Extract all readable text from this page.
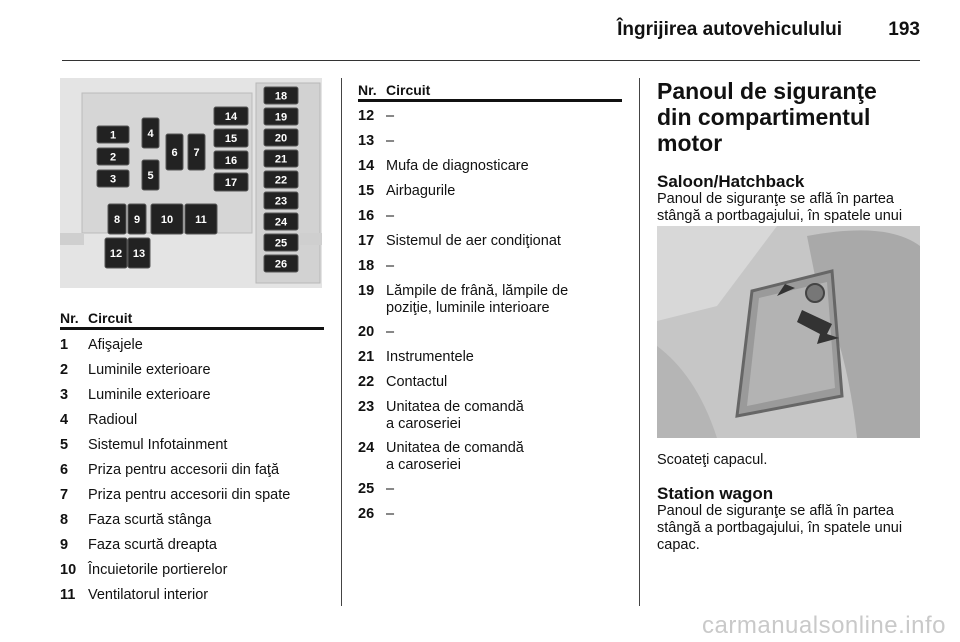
Îngrijirea autovehiculului 193
1
2
3
4
5
6 7
8 9 10 11
12 13
14
15
16
17
18
19
20
21
22
23
24
25
26
Nr. Circuit
1	Afişajele
2	Luminile exterioare
3	Luminile exterioare
4	Radioul
5	Sistemul Infotainment
6	Priza pentru accesorii din faţă
7	Priza pentru accesorii din spate
8	Faza scurtă stânga
9	Faza scurtă dreapta
10 Încuietorile portierelor
11 Ventilatorul interior
Nr. Circuit
12 –
13 –
14 Mufa de diagnosticare
15 Airbagurile
16 –
17 Sistemul de aer condiţionat
18 –
19 Lămpile de frână, lămpile de
poziţie, luminile interioare
20 –
21 Instrumentele
22 Contactul
23 Unitatea de comandă
a caroseriei
24 Unitatea de comandă
a caroseriei
25 –
26 –
Panoul de siguranţe din compartimentul motor
Saloon/Hatchback

Panoul de siguranţe se află în partea stângă a portbagajului, în spatele unui

Scoateţi capacul.

Station wagon

Panoul de siguranţe se află în partea stângă a portbagajului, în spatele unui capac.

carmanualsonline.info
